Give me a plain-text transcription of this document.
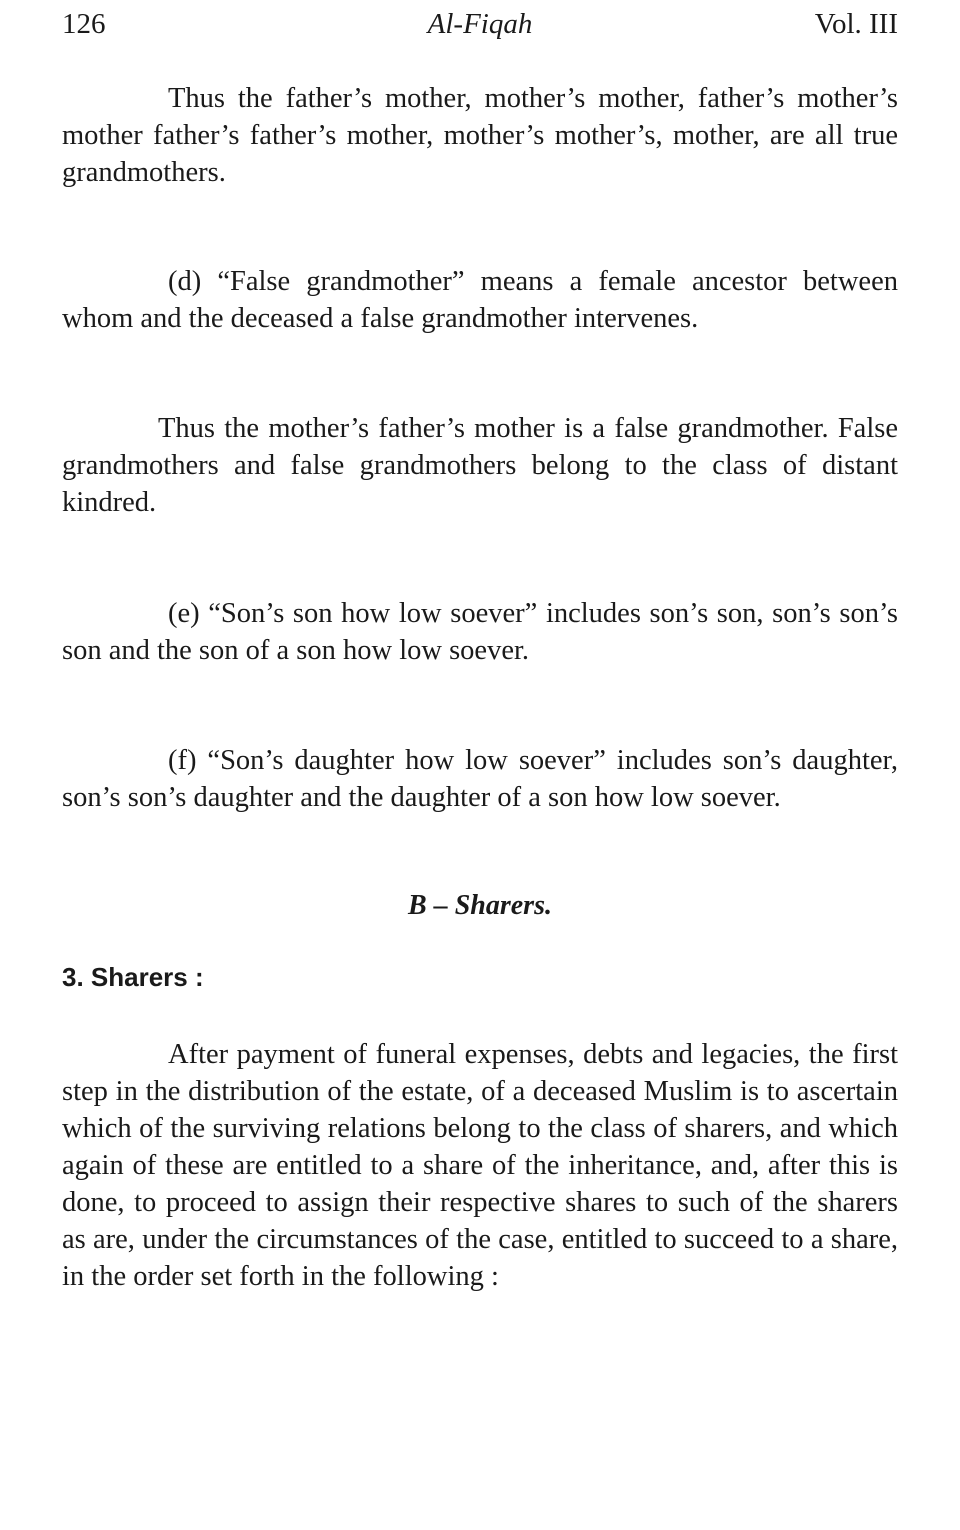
126	Al-Fiqah	Vol. III

Thus the father’s mother, mother’s mother, father’s mother’s mother father’s father’s mother, mother’s mother’s, mother, are all true grandmothers.

(d) “False grandmother” means a female ancestor between whom and the deceased a false grandmother intervenes.

Thus the mother’s father’s mother is a false grandmother. False grandmothers and false grandmothers belong to the class of distant kindred.

(e) “Son’s son how low soever” includes son’s son, son’s son’s son and the son of a son how low soever.

(f) “Son’s daughter how low soever” includes son’s daughter, son’s son’s daughter and the daughter of a son how low soever.

B – Sharers.
3. Sharers :

After payment of funeral expenses, debts and legacies, the first step in the distribution of the estate, of a deceased Muslim is to ascertain which of the surviving relations belong to the class of sharers, and which again of these are entitled to a share of the inheritance, and, after this is done, to proceed to assign their respective shares to such of the sharers as are, under the circumstances of the case, entitled to succeed to a share, in the order set forth in the following :
